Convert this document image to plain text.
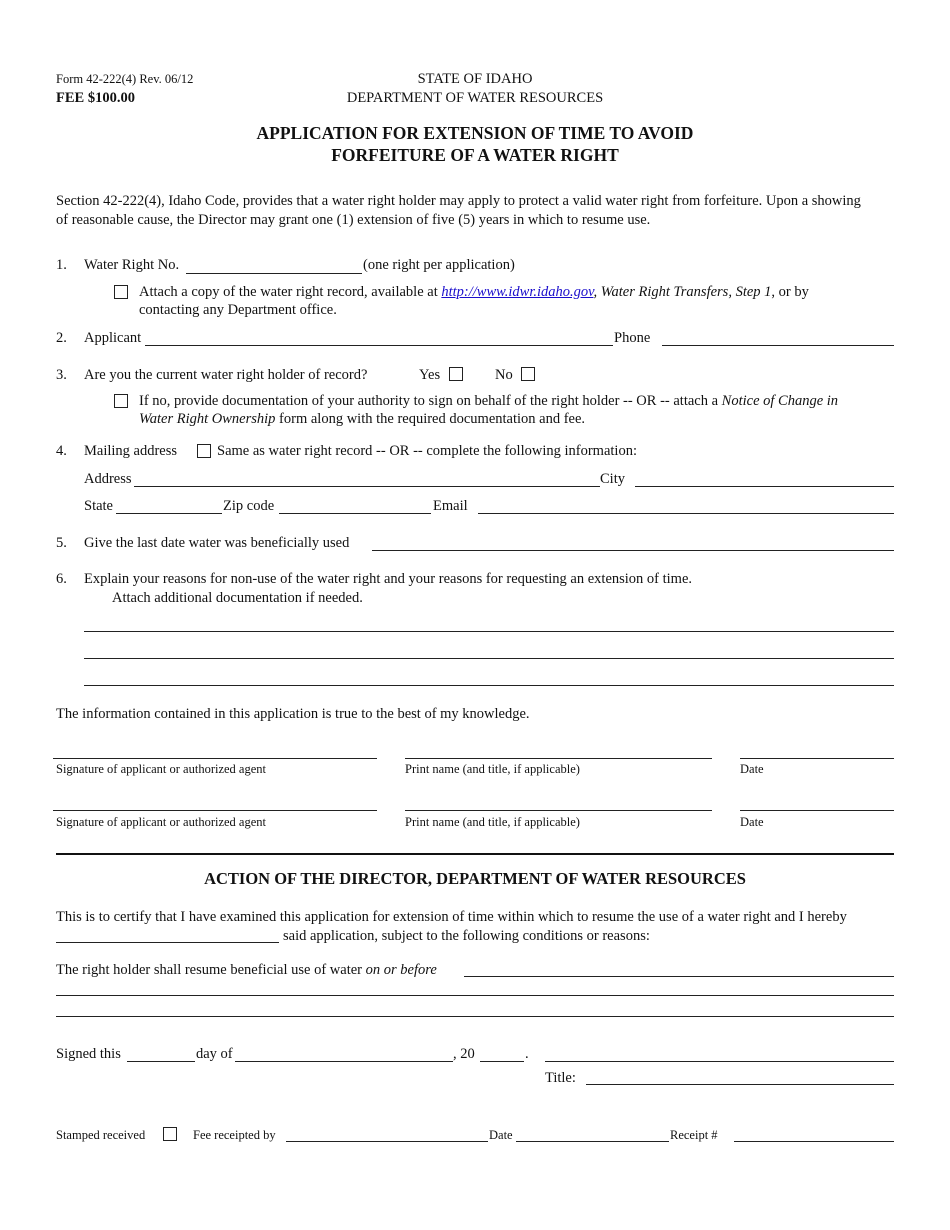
Form 42-222(4) Rev. 06/12
FEE $100.00
STATE OF IDAHO
DEPARTMENT OF WATER RESOURCES
APPLICATION FOR EXTENSION OF TIME TO AVOID
FORFEITURE OF A WATER RIGHT
Section 42-222(4), Idaho Code, provides that a water right holder may apply to protect a valid water right from forfeiture. Upon a showing
of reasonable cause, the Director may grant one (1) extension of five (5) years in which to resume use.
1. Water Right No.	(one right per application)
Attach a copy of the water right record, available at http://www.idwr.idaho.gov, Water Right Transfers, Step 1, or by
contacting any Department office.
2. Applicant	Phone
3. Are you the current water right holder of record?	Yes	No
If no, provide documentation of your authority to sign on behalf of the right holder -- OR -- attach a Notice of Change in
Water Right Ownership form along with the required documentation and fee.
4. Mailing address	Same as water right record -- OR -- complete the following information:
Address	City
State	Zip code	Email
5. Give the last date water was beneficially used
6. Explain your reasons for non-use of the water right and your reasons for requesting an extension of time.
Attach additional documentation if needed.
The information contained in this application is true to the best of my knowledge.
Signature of applicant or authorized agent	Print name (and title, if applicable)	Date
Signature of applicant or authorized agent	Print name (and title, if applicable)	Date
ACTION OF THE DIRECTOR, DEPARTMENT OF WATER RESOURCES
This is to certify that I have examined this application for extension of time within which to resume the use of a water right and I hereby
said application, subject to the following conditions or reasons:
The right holder shall resume beneficial use of water on or before
Signed this	day of	, 20	.
Title:
Stamped received	Fee receipted by	Date	Receipt #
